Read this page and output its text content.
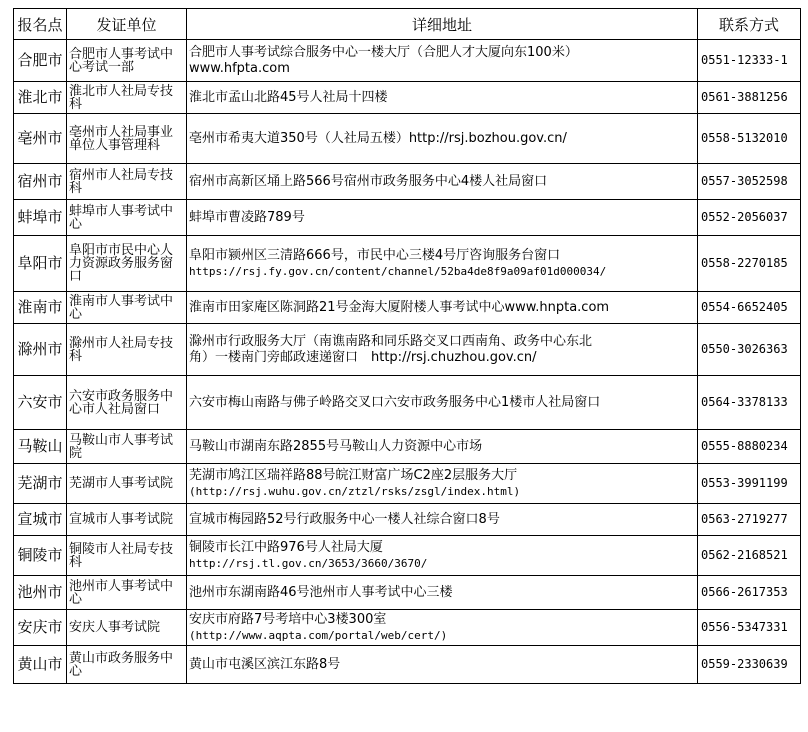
报名点	发证单位	详细地址	联系方式
合肥市	合肥市人事考试中心考试一部	合肥市人事考试综合服务中心一楼大厅（合肥人才大厦向东100米）
www.hfpta.com	0551-12333-1
淮北市	淮北市人社局专技科	淮北市孟山北路45号人社局十四楼	0561-3881256
亳州市	亳州市人社局事业单位人事管理科	亳州市希夷大道350号（人社局五楼）http://rsj.bozhou.gov.cn/	0558-5132010
宿州市	宿州市人社局专技科	宿州市高新区埇上路566号宿州市政务服务中心4楼人社局窗口	0557-3052598
蚌埠市	蚌埠市人事考试中心	蚌埠市曹凌路789号	0552-2056037
阜阳市	阜阳市市民中心人力资源政务服务窗口	阜阳市颍州区三清路666号，市民中心三楼4号厅咨询服务台窗口
https://rsj.fy.gov.cn/content/channel/52ba4de8f9a09af01d000034/	0558-2270185
淮南市	淮南市人事考试中心	淮南市田家庵区陈洞路21号金海大厦附楼人事考试中心www.hnpta.com	0554-6652405
滁州市	滁州市人社局专技科	滁州市行政服务大厅（南谯南路和同乐路交叉口西南角、政务中心东北
角）一楼南门旁邮政速递窗口　http://rsj.chuzhou.gov.cn/	0550-3026363
六安市	六安市政务服务中心市人社局窗口	六安市梅山南路与佛子岭路交叉口六安市政务服务中心1楼市人社局窗口	0564-3378133
马鞍山	马鞍山市人事考试院	马鞍山市湖南东路2855号马鞍山人力资源中心市场	0555-8880234
芜湖市	芜湖市人事考试院	芜湖市鸠江区瑞祥路88号皖江财富广场C2座2层服务大厅
(http://rsj.wuhu.gov.cn/ztzl/rsks/zsgl/index.html)	0553-3991199
宣城市	宣城市人事考试院	宣城市梅园路52号行政服务中心一楼人社综合窗口8号	0563-2719277
铜陵市	铜陵市人社局专技科	铜陵市长江中路976号人社局大厦
http://rsj.tl.gov.cn/3653/3660/3670/	0562-2168521
池州市	池州市人事考试中心	池州市东湖南路46号池州市人事考试中心三楼	0566-2617353
安庆市	安庆人事考试院	安庆市府路7号考培中心3楼300室
(http://www.aqpta.com/portal/web/cert/)	0556-5347331
黄山市	黄山市政务服务中心	黄山市屯溪区滨江东路8号	0559-2330639
